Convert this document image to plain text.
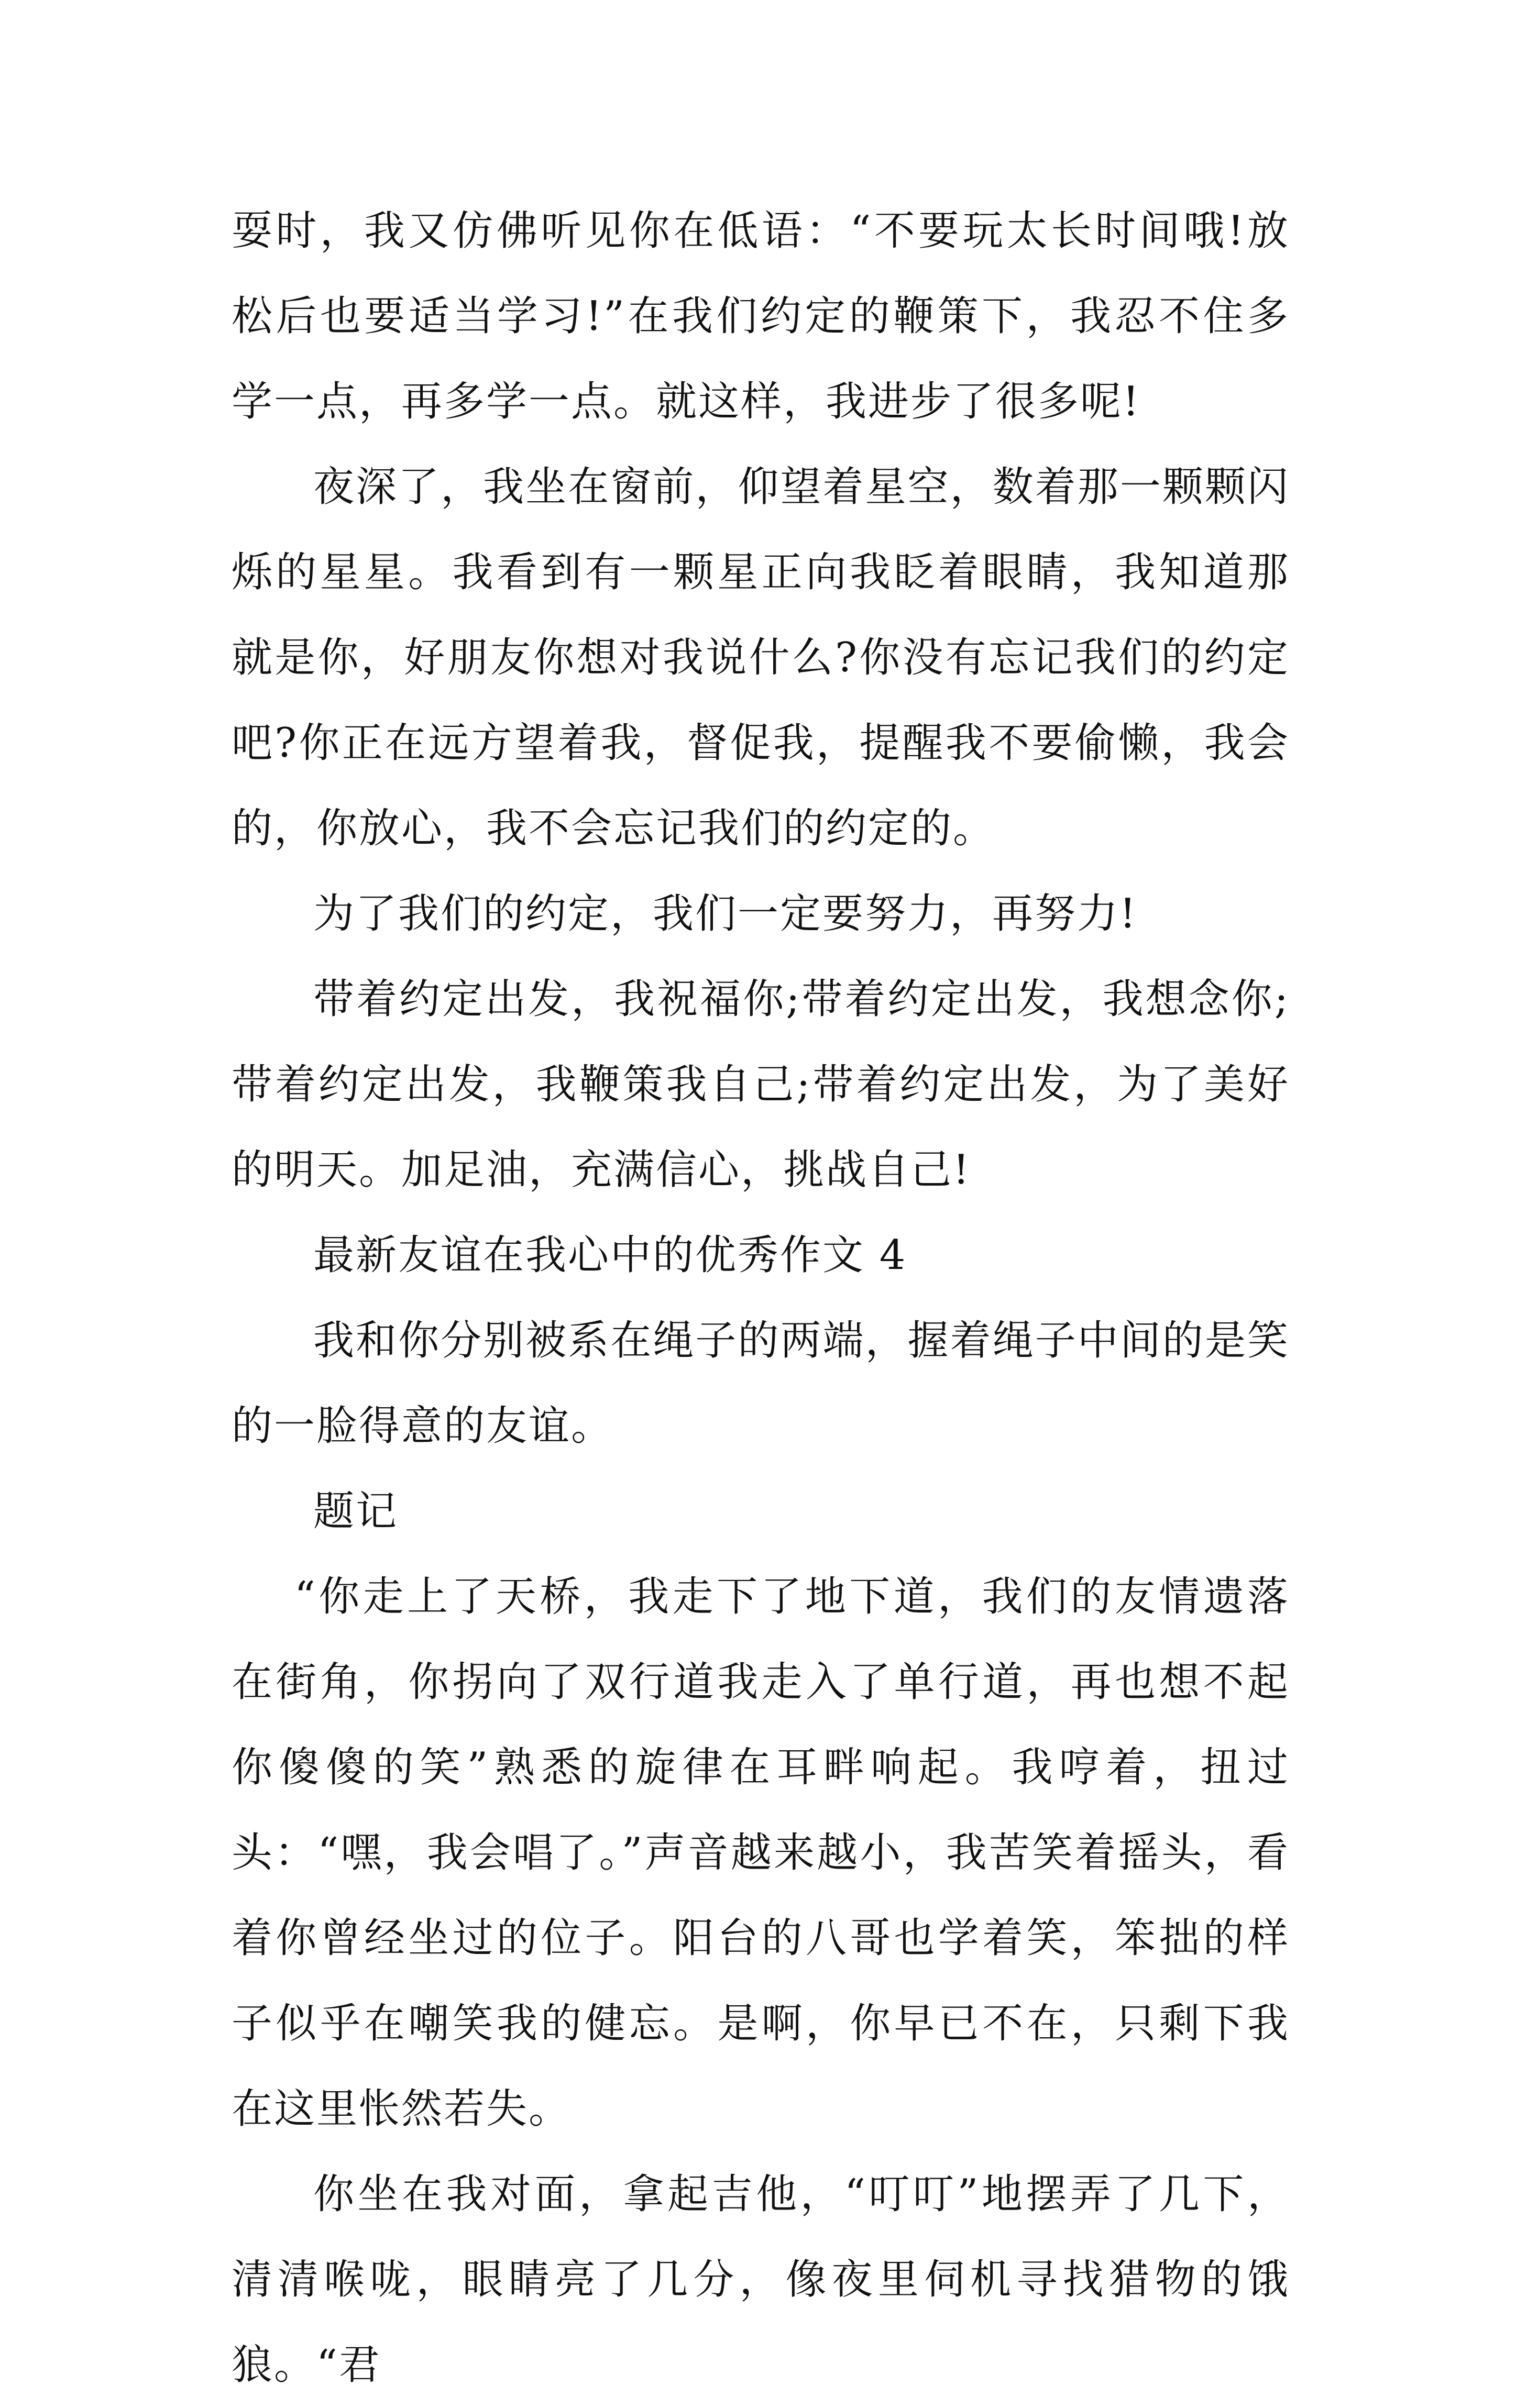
耍时，我又仿佛听见你在低语：“不要玩太长时间哦!放松后也要适当学习!”在我们约定的鞭策下，我忍不住多学一点，再多学一点。就这样，我进步了很多呢!

夜深了，我坐在窗前，仰望着星空，数着那一颗颗闪烁的星星。我看到有一颗星正向我眨着眼睛，我知道那就是你，好朋友你想对我说什么?你没有忘记我们的约定吧?你正在远方望着我，督促我，提醒我不要偷懒，我会的，你放心，我不会忘记我们的约定的。

为了我们的约定，我们一定要努力，再努力!

带着约定出发，我祝福你;带着约定出发，我想念你;带着约定出发，我鞭策我自己;带着约定出发，为了美好的明天。加足油，充满信心，挑战自己!

最新友谊在我心中的优秀作文 4

我和你分别被系在绳子的两端，握着绳子中间的是笑的一脸得意的友谊。

题记

“你走上了天桥，我走下了地下道，我们的友情遗落在街角，你拐向了双行道我走入了单行道，再也想不起你傻傻的笑”熟悉的旋律在耳畔响起。我哼着，扭过头：“嘿，我会唱了。”声音越来越小，我苦笑着摇头，看着你曾经坐过的位子。阳台的八哥也学着笑，笨拙的样子似乎在嘲笑我的健忘。是啊，你早已不在，只剩下我在这里怅然若失。

你坐在我对面，拿起吉他，“叮叮”地摆弄了几下，清清喉咙，眼睛亮了几分，像夜里伺机寻找猎物的饿狼。“君
